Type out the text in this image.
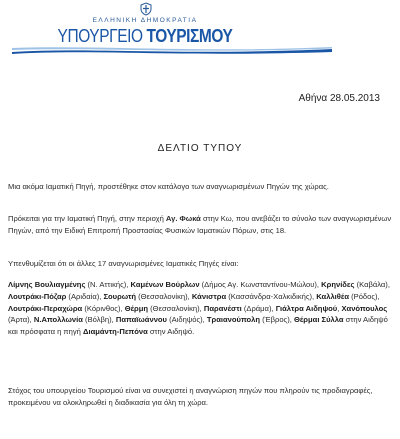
ΕΛΛΗΝΙΚΗ ΔΗΜΟΚΡΑΤΙΑ
ΥΠΟΥΡΓΕΙΟ ΤΟΥΡΙΣΜΟΥ
Αθήνα 28.05.2013
ΔΕΛΤΙΟ ΤΥΠΟΥ
Μια ακόμα Ιαματική Πηγή, προστέθηκε στον κατάλογο των αναγνωρισμένων Πηγών της χώρας.
Πρόκειται για την Ιαματική Πηγή, στην περιοχή Αγ. Φωκά στην Κω, που ανεβάζει το σύνολο των αναγνωρισμένων Πηγών, από την Ειδική Επιτροπή Προστασίας Φυσικών Ιαματικών Πόρων, στις 18.
Υπενθυμίζεται ότι οι άλλες 17 αναγνωρισμένες Ιαματικές Πηγές είναι:
Λίμνης Βουλιαγμένης (Ν. Αττικής), Καμένων Βούρλων (Δήμος Αγ. Κωνσταντίνου-Μώλου), Κρηνίδες (Καβάλα), Λουτράκι-Πόζαρ (Αριδαία), Σουρωτή (Θεσσαλονίκη), Κάνιστρα (Κασσάνδρα-Χαλκιδικής), Καλλιθέα (Ρόδος), Λουτράκι-Περαχώρα (Κόρινθος), Θέρμη (Θεσσαλονίκη), Παρανέστι (Δράμα), Γιάλτρα Αιδηψού, Χανόπουλος (Άρτα), Ν.Απολλωνία (Βόλβη), Παπαϊωάννου (Αιδηψός), Τραιανούπολη (Έβρος), Θέρμαι Σύλλα στην Αιδηψό και πρόσφατα η πηγή Διαμάντη-Πεπόνα στην Αιδηψό.
Στόχος του υπουργείου Τουρισμού είναι να συνεχιστεί η αναγνώριση πηγών που πληρούν τις προδιαγραφές, προκειμένου να ολοκληρωθεί η διαδικασία για όλη τη χώρα.
